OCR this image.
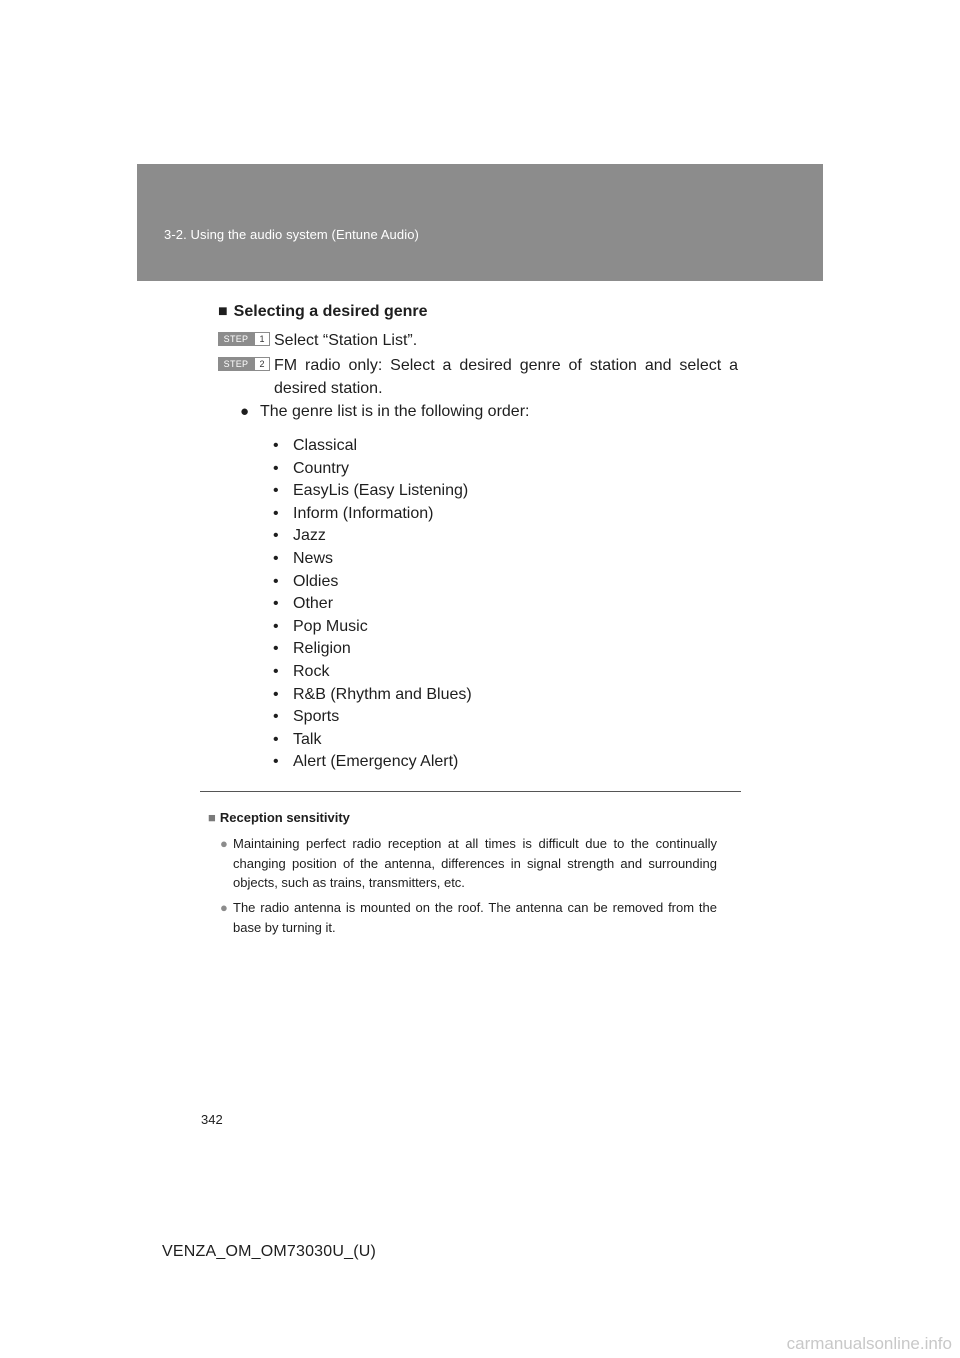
3-2. Using the audio system (Entune Audio)
■ Selecting a desired genre
STEP	1 Select “Station List”.
STEP	2 FM radio only: Select a desired genre of station and select a desired station.
● The genre list is in the following order:
• Classical
• Country
• EasyLis (Easy Listening)
• Inform (Information)
• Jazz
• News
• Oldies
• Other
• Pop Music
• Religion
• Rock
• R&B (Rhythm and Blues)
• Sports
• Talk
• Alert (Emergency Alert)
■ Reception sensitivity
● Maintaining perfect radio reception at all times is difficult due to the continually changing position of the antenna, differences in signal strength and surrounding objects, such as trains, transmitters, etc.
● The radio antenna is mounted on the roof. The antenna can be removed from the base by turning it.
342
VENZA_OM_OM73030U_(U)
carmanualsonline.info
